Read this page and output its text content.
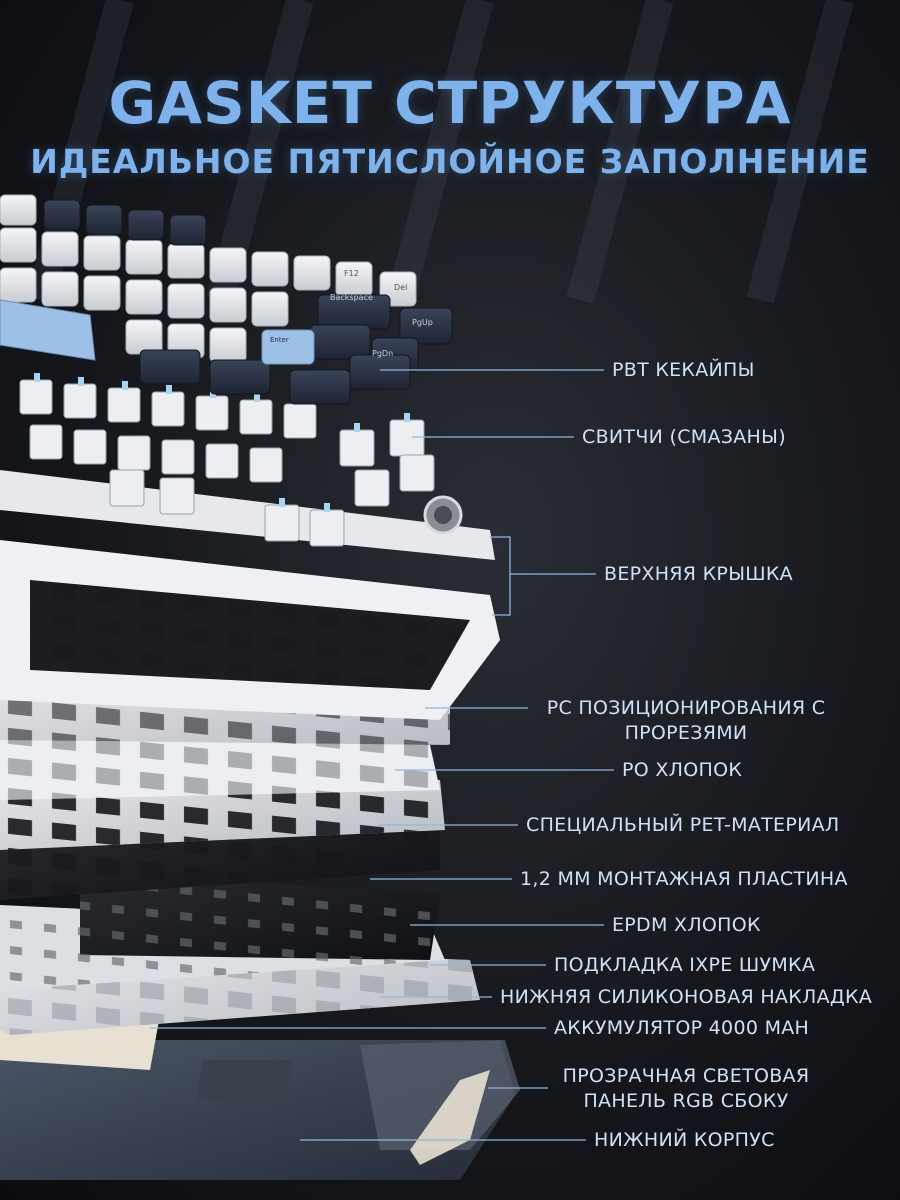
GASKET СТРУКТУРА
ИДЕАЛЬНОЕ ПЯТИСЛОЙНОЕ ЗАПОЛНЕНИЕ
Backspace
Enter
PgUp
PgDn
F12
Del
PBT КЕКАЙПЫ
СВИТЧИ (СМАЗАНЫ)
ВЕРХНЯЯ КРЫШКА
PC ПОЗИЦИОНИРОВАНИЯ С ПРОРЕЗЯМИ
PO ХЛОПОК
СПЕЦИАЛЬНЫЙ PET-МАТЕРИАЛ
1,2 ММ МОНТАЖНАЯ ПЛАСТИНА
EPDM ХЛОПОК
ПОДКЛАДКА IXPE ШУМКА
НИЖНЯЯ СИЛИКОНОВАЯ НАКЛАДКА
АККУМУЛЯТОР 4000 МАН
ПРОЗРАЧНАЯ СВЕТОВАЯ ПАНЕЛЬ RGB СБОКУ
НИЖНИЙ КОРПУС
